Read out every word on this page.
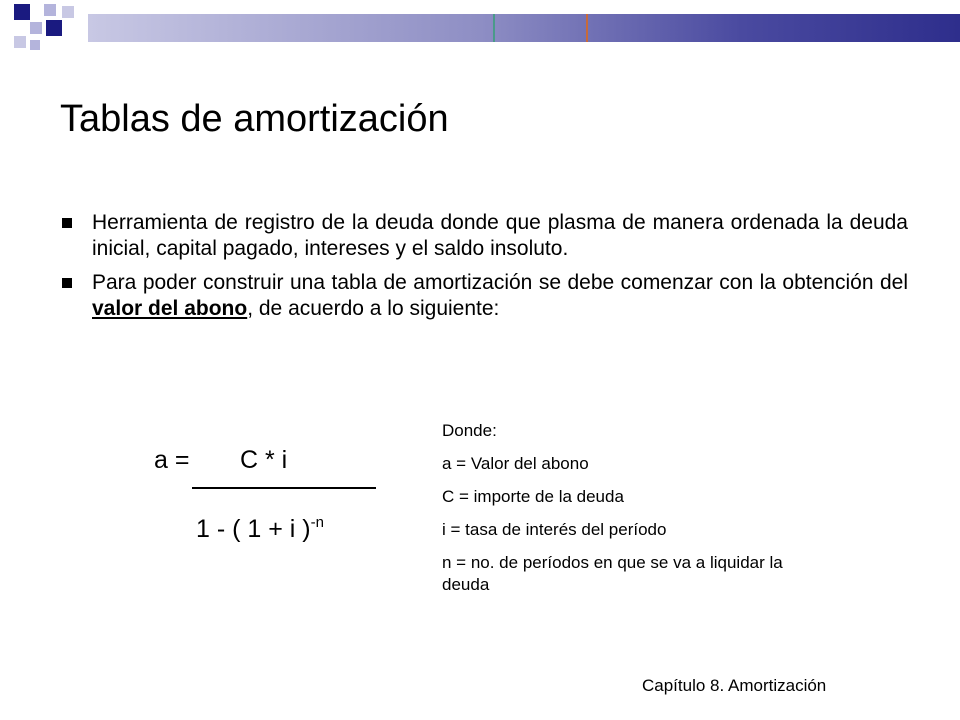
Tablas de amortización
Herramienta de registro de la deuda donde que plasma de manera ordenada la deuda inicial, capital pagado, intereses y el saldo insoluto.
Para poder construir una tabla de amortización se debe comenzar con la obtención del valor del abono, de acuerdo a lo siguiente:
a = C * i
1 - ( 1 + i )$^{-n}$
Donde:
a = Valor del abono
C = importe de la deuda
i = tasa de interés del período
n = no. de períodos en que se va a liquidar la deuda
Capítulo 8. Amortización
